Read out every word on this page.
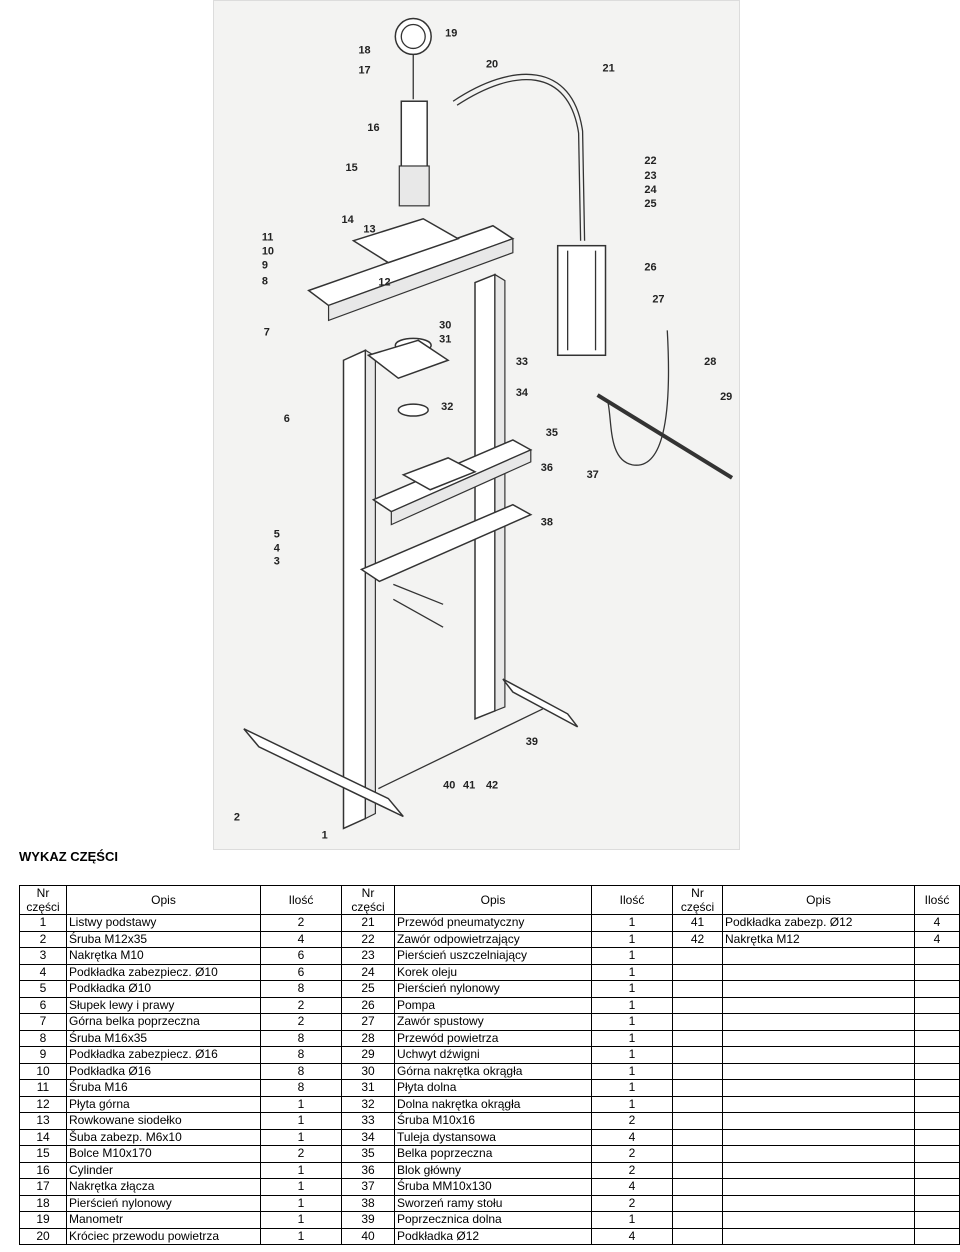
1
2
3
4
5
6
7
8
9
10
11
12
13
14
15
16
17
18
19
20	21
22
23
24
25
26
27
28
29
30
31
32
33
34
35
36
37
38
39
40 41 42
WYKAZ CZĘŚCI
Nr części	Opis	Ilość	Nr części	Opis	Ilość	Nr części	Opis	Ilość
1	Listwy podstawy	2	21	Przewód pneumatyczny	1	41	Podkładka zabezp. Ø12	4
2	Śruba M12x35	4	22	Zawór odpowietrzający	1	42	Nakrętka M12	4
3	Nakrętka M10	6	23	Pierścień uszczelniający	1			
4	Podkładka zabezpiecz. Ø10	6	24	Korek oleju	1			
5	Podkładka Ø10	8	25	Pierścień nylonowy	1			
6	Słupek lewy i prawy	2	26	Pompa	1			
7	Górna belka poprzeczna	2	27	Zawór spustowy	1			
8	Śruba M16x35	8	28	Przewód powietrza	1			
9	Podkładka zabezpiecz. Ø16	8	29	Uchwyt dźwigni	1			
10	Podkładka Ø16	8	30	Górna nakrętka okrągła	1			
11	Śruba M16	8	31	Płyta dolna	1			
12	Płyta górna	1	32	Dolna nakrętka okrągła	1			
13	Rowkowane siodełko	1	33	Śruba M10x16	2			
14	Šuba zabezp. M6x10	1	34	Tuleja dystansowa	4			
15	Bolce M10x170	2	35	Belka poprzeczna	2			
16	Cylinder	1	36	Blok główny	2			
17	Nakrętka złącza	1	37	Śruba MM10x130	4			
18	Pierścień nylonowy	1	38	Sworzeń ramy stołu	2			
19	Manometr	1	39	Poprzecznica dolna	1			
20	Króciec przewodu powietrza	1	40	Podkładka Ø12	4			
